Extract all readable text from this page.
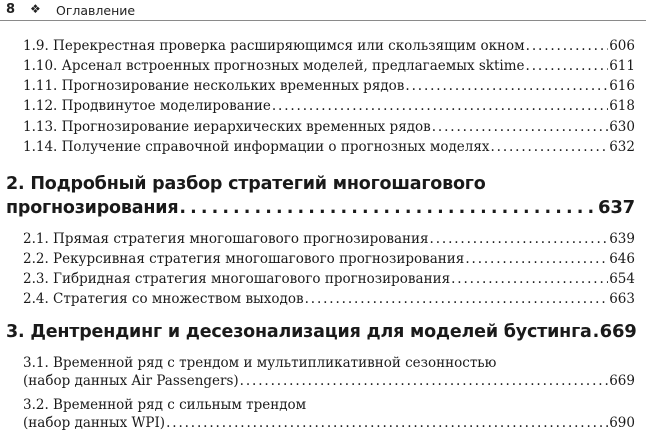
8 ❖ Оглавление
1.9. Перекрестная проверка расширяющимся или скользящим окном . . .	606
1.10. Арсенал встроенных прогнозных моделей, предлагаемых sktime . . .	611
1.11. Прогнозирование нескольких временных рядов . . .	616
1.12. Продвинутое моделирование . . .	618
1.13. Прогнозирование иерархических временных рядов . . .	630
1.14. Получение справочной информации о прогнозных моделях . . .	632
2. Подробный разбор стратегий многошагового
прогнозирования . . .	637
2.1. Прямая стратегия многошагового прогнозирования . . .	639
2.2. Рекурсивная стратегия многошагового прогнозирования . . .	646
2.3. Гибридная стратегия многошагового прогнозирования . . .	654
2.4. Стратегия со множеством выходов . . .	663
3. Дентрендинг и десезонализация для моделей бустинга . . . 669
3.1. Временной ряд с трендом и мультипликативной сезонностью
(набор данных Air Passengers) . . .	669
3.2. Временной ряд с сильным трендом
(набор данных WPI) . . .	690
